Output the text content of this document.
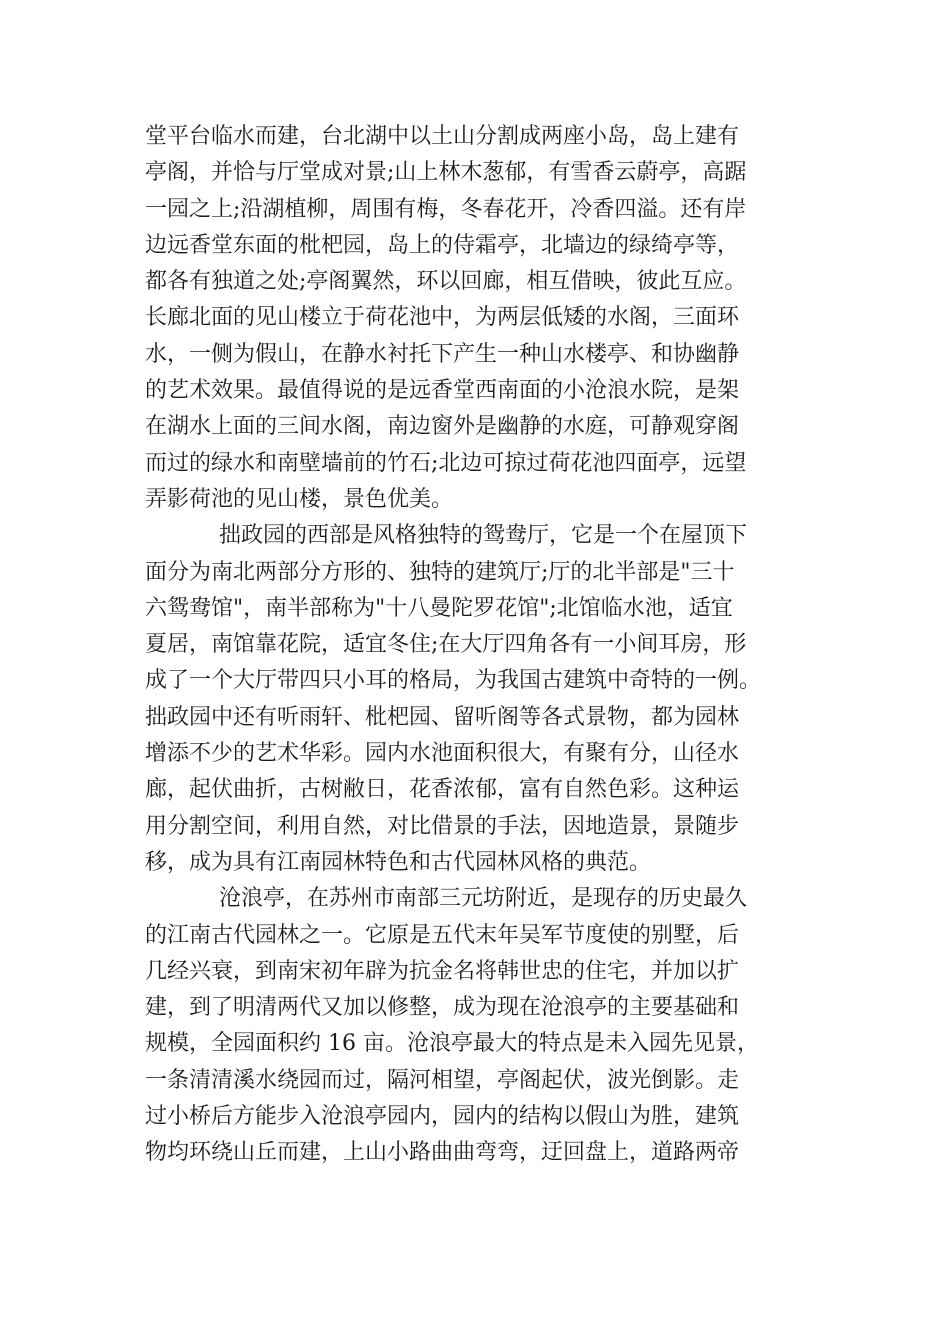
堂平台临水而建，台北湖中以土山分割成两座小岛，岛上建有
亭阁，并恰与厅堂成对景;山上林木葱郁，有雪香云蔚亭，高踞
一园之上;沿湖植柳，周围有梅，冬春花开，冷香四溢。还有岸
边远香堂东面的枇杷园，岛上的侍霜亭，北墙边的绿绮亭等，
都各有独道之处;亭阁翼然，环以回廊，相互借映，彼此互应。
长廊北面的见山楼立于荷花池中，为两层低矮的水阁，三面环
水，一侧为假山，在静水衬托下产生一种山水楼亭、和协幽静
的艺术效果。最值得说的是远香堂西南面的小沧浪水院，是架
在湖水上面的三间水阁，南边窗外是幽静的水庭，可静观穿阁
而过的绿水和南壁墙前的竹石;北边可掠过荷花池四面亭，远望
弄影荷池的见山楼，景色优美。
拙政园的西部是风格独特的鸳鸯厅，它是一个在屋顶下
面分为南北两部分方形的、独特的建筑厅;厅的北半部是"三十
六鸳鸯馆"，南半部称为"十八曼陀罗花馆";北馆临水池，适宜
夏居，南馆靠花院，适宜冬住;在大厅四角各有一小间耳房，形
成了一个大厅带四只小耳的格局，为我国古建筑中奇特的一例。
拙政园中还有听雨轩、枇杷园、留听阁等各式景物，都为园林
增添不少的艺术华彩。园内水池面积很大，有聚有分，山径水
廊，起伏曲折，古树敝日，花香浓郁，富有自然色彩。这种运
用分割空间，利用自然，对比借景的手法，因地造景，景随步
移，成为具有江南园林特色和古代园林风格的典范。
沧浪亭，在苏州市南部三元坊附近，是现存的历史最久
的江南古代园林之一。它原是五代末年吴军节度使的别墅，后
几经兴衰，到南宋初年辟为抗金名将韩世忠的住宅，并加以扩
建，到了明清两代又加以修整，成为现在沧浪亭的主要基础和
规模，全园面积约 16 亩。沧浪亭最大的特点是未入园先见景，
一条清清溪水绕园而过，隔河相望，亭阁起伏，波光倒影。走
过小桥后方能步入沧浪亭园内，园内的结构以假山为胜，建筑
物均环绕山丘而建，上山小路曲曲弯弯，迂回盘上，道路两帝
